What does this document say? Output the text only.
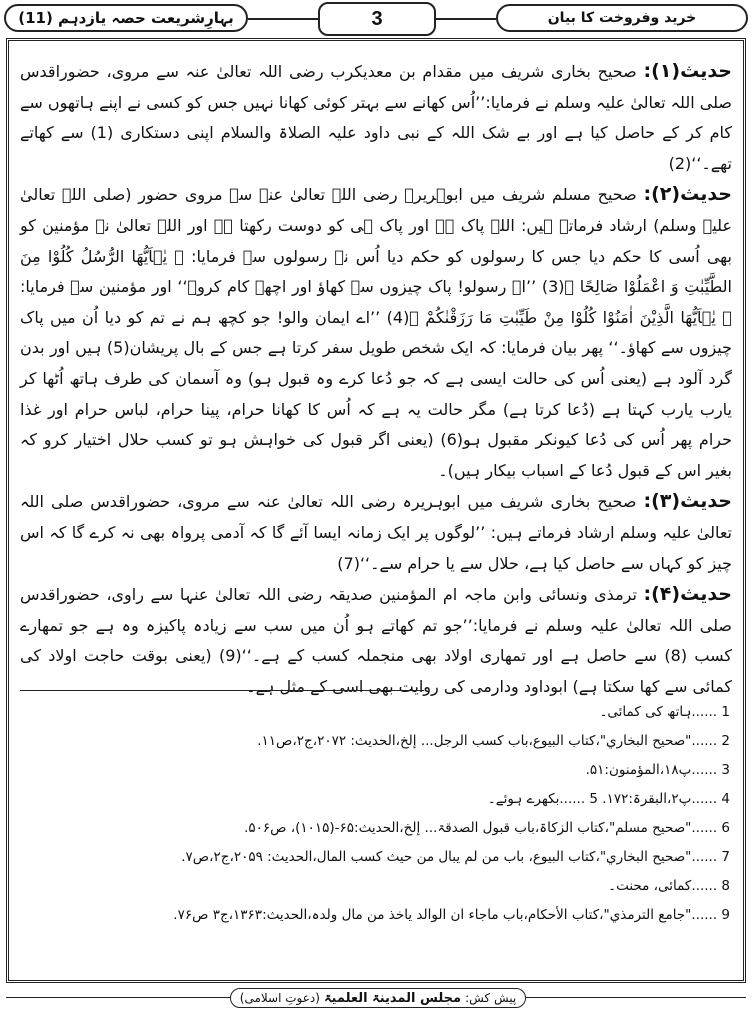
بہارِشریعت حصہ یازدہم (11)	3	خرید وفروخت کا بیان

حدیث(۱): صحیح بخاری شریف میں مقدام بن معدیکرب رضی اللہ تعالیٰ عنہ سے مروی، حضوراقدس صلی اللہ تعالیٰ علیہ وسلم نے فرمایا:’’اُس کھانے سے بہتر کوئی کھانا نہیں جس کو کسی نے اپنے ہاتھوں سے کام کر کے حاصل کیا ہے اور بے شک اللہ کے نبی داود علیہ الصلاۃ والسلام اپنی دستکاری (1) سے کھاتے تھے۔‘‘(2)

حدیث(۲): صحیح مسلم شریف میں ابوہریرہ رضی اللہ تعالیٰ عنہ سے مروی حضور (صلی اللہ تعالیٰ علیہ وسلم) ارشاد فرماتے ہیں: اللہ پاک ہے اور پاک ہی کو دوست رکھتا ہے اور اللہ تعالیٰ نے مؤمنین کو بھی اُسی کا حکم دیا جس کا رسولوں کو حکم دیا اُس نے رسولوں سے فرمایا: ﴿ يٰۤاَيُّهَا الرُّسُلُ كُلُوْا مِنَ الطَّيِّبٰتِ وَ اعْمَلُوْا صَالِحًا ﴾(3) ’’اے رسولو! پاک چیزوں سے کھاؤ اور اچھے کام کرو۔‘‘ اور مؤمنین سے فرمایا: ﴿ يٰۤاَيُّهَا الَّذِيْنَ اٰمَنُوْا كُلُوْا مِنْ طَيِّبٰتِ مَا رَزَقْنٰكُمْ ﴾(4) ’’اے ایمان والو! جو کچھ ہم نے تم کو دیا اُن میں پاک چیزوں سے کھاؤ۔‘‘ پھر بیان فرمایا: کہ ایک شخص طویل سفر کرتا ہے جس کے بال پریشان(5) ہیں اور بدن گرد آلود ہے (یعنی اُس کی حالت ایسی ہے کہ جو دُعا کرے وہ قبول ہو) وہ آسمان کی طرف ہاتھ اُٹھا کر یارب یارب کہتا ہے (دُعا کرتا ہے) مگر حالت یہ ہے کہ اُس کا کھانا حرام، پینا حرام، لباس حرام اور غذا حرام پھر اُس کی دُعا کیونکر مقبول ہو(6) (یعنی اگر قبول کی خواہش ہو تو کسب حلال اختیار کرو کہ بغیر اس کے قبول دُعا کے اسباب بیکار ہیں)۔

حدیث(۳): صحیح بخاری شریف میں ابوہریرہ رضی اللہ تعالیٰ عنہ سے مروی، حضوراقدس صلی اللہ تعالیٰ علیہ وسلم ارشاد فرماتے ہیں: ’’لوگوں پر ایک زمانہ ایسا آئے گا کہ آدمی پرواہ بھی نہ کرے گا کہ اس چیز کو کہاں سے حاصل کیا ہے، حلال سے یا حرام سے۔‘‘(7)

حدیث(۴): ترمذی ونسائی وابن ماجہ ام المؤمنین صدیقہ رضی اللہ تعالیٰ عنہا سے راوی، حضوراقدس صلی اللہ تعالیٰ علیہ وسلم نے فرمایا:’’جو تم کھاتے ہو اُن میں سب سے زیادہ پاکیزہ وہ ہے جو تمھارے کسب (8) سے حاصل ہے اور تمھاری اولاد بھی منجملہ کسب کے ہے۔‘‘(9) (یعنی بوقت حاجت اولاد کی کمائی سے کھا سکتا ہے) ابوداود ودارمی کی روایت بھی اسی کے مثل ہے۔

1 ......ہاتھ کی کمائی۔
2 ......"صحیح البخاري"،کتاب البیوع،باب کسب الرجل... إلخ،الحدیث: ۲۰۷۲،ج۲،ص۱۱.
3 ......پ۱۸،المؤمنون:۵۱.
4 ......پ۲،البقرۃ:۱۷۲. 5 ......بکھرے ہوئے۔
6 ......"صحیح مسلم"،کتاب الزکاۃ،باب قبول الصدقۃ... إلخ،الحدیث:۶۵-(۱۰۱۵)، ص۵۰۶.
7 ......"صحیح البخاري"،کتاب البیوع، باب من لم یبال من حیث کسب المال،الحدیث: ۲۰۵۹،ج۲،ص۷.
8 ......کمائی، محنت۔
9 ......"جامع الترمذي"،کتاب الأحکام،باب ماجاء ان الوالد یاخذ من مال ولدہ،الحدیث:۱۳۶۳،ج۳ ص۷۶.
پیش کش:
مجلس المدینۃ العلمیۃ
(دعوتِ اسلامی)
